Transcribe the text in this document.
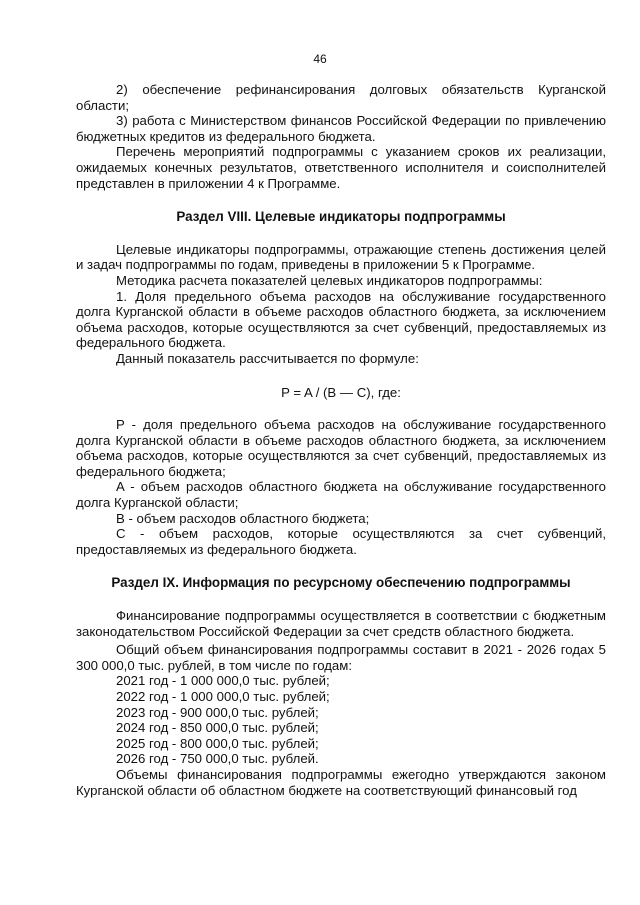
46

2) обеспечение рефинансирования долговых обязательств Курганской области;

3) работа с Министерством финансов Российской Федерации по привлечению бюджетных кредитов из федерального бюджета.

Перечень мероприятий подпрограммы с указанием сроков их реализации, ожидаемых конечных результатов, ответственного исполнителя и соисполнителей представлен в приложении 4 к Программе.

Раздел VIII. Целевые индикаторы подпрограммы

Целевые индикаторы подпрограммы, отражающие степень достижения целей и задач подпрограммы по годам, приведены в приложении 5 к Программе.

Методика расчета показателей целевых индикаторов подпрограммы:

1. Доля предельного объема расходов на обслуживание государственного долга Курганской области в объеме расходов областного бюджета, за исключением объема расходов, которые осуществляются за счет субвенций, предоставляемых из федерального бюджета.

Данный показатель рассчитывается по формуле:

P = A / (B — C), где:

P - доля предельного объема расходов на обслуживание государственного долга Курганской области в объеме расходов областного бюджета, за исключением объема расходов, которые осуществляются за счет субвенций, предоставляемых из федерального бюджета;

A - объем расходов областного бюджета на обслуживание государственного долга Курганской области;

B - объем расходов областного бюджета;

C - объем расходов, которые осуществляются за счет субвенций, предоставляемых из федерального бюджета.

Раздел IX. Информация по ресурсному обеспечению подпрограммы

Финансирование подпрограммы осуществляется в соответствии с бюджетным законодательством Российской Федерации за счет средств областного бюджета.

Общий объем финансирования подпрограммы составит в 2021 - 2026 годах 5 300 000,0 тыс. рублей, в том числе по годам:

2021 год - 1 000 000,0 тыс. рублей;

2022 год - 1 000 000,0 тыс. рублей;

2023 год - 900 000,0 тыс. рублей;

2024 год - 850 000,0 тыс. рублей;

2025 год - 800 000,0 тыс. рублей;

2026 год - 750 000,0 тыс. рублей.

Объемы финансирования подпрограммы ежегодно утверждаются законом Курганской области об областном бюджете на соответствующий финансовый год
